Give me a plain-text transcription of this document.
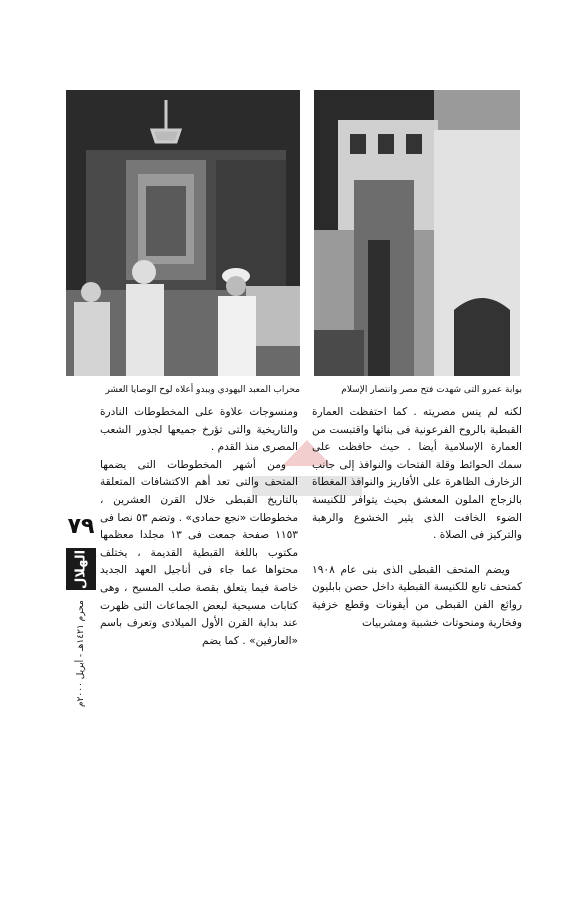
محراب المعبد اليهودي ويبدو أعلاه لوح الوصايا العشر	بوابة عمرو التى شهدت فتح مصر وانتصار الإسلام

لكنه لم ينس مصريته . كما احتفظت العمارة القبطية بالروح الفرعونية فى بنائها واقتبست من العمارة الإسلامية أيضا . حيث حافظت على سمك الحوائط وقلة الفتحات والنوافذ إلى جانب الزخارف الظاهرة على الأفاريز والنوافذ المغطاة بالزجاج الملون المعشق بحيث يتوافر للكنيسة الضوء الخافت الذى يثير الخشوع والرهبة والتركيز فى الصلاة .

ويضم المتحف القبطى الذى بنى عام ١٩٠٨ كمتحف تابع للكنيسة القبطية داخل حصن بابليون روائع الفن القبطى من أيقونات وقطع خزفية وفخارية ومنحوتات خشبية ومشربيات

ومنسوجات علاوة على المخطوطات النادرة والتاريخية والتى تؤرخ جميعها لجذور الشعب المصرى منذ القدم .

ومن أشهر المخطوطات التى يضمها المتحف والتى تعد أهم الاكتشافات المتعلقة بالتاريخ القبطى خلال القرن العشرين ، مخطوطات «نجع حمادى» . وتضم ٥٣ نصا فى ١١٥٣ صفحة جمعت فى ١٣ مجلدا معظمها مكتوب باللغة القبطية القديمة ، يختلف محتواها عما جاء فى أناجيل العهد الجديد خاصة فيما يتعلق بقصة صلب المسيح ، وهى كتابات مسيحية لبعض الجماعات التى ظهرت عند بداية القرن الأول الميلادى وتعرف باسم «العارفين» . كما يضم

٧٩
الهلال
محرم ١٤٢١هـ - أبريل ٢٠٠٠م
